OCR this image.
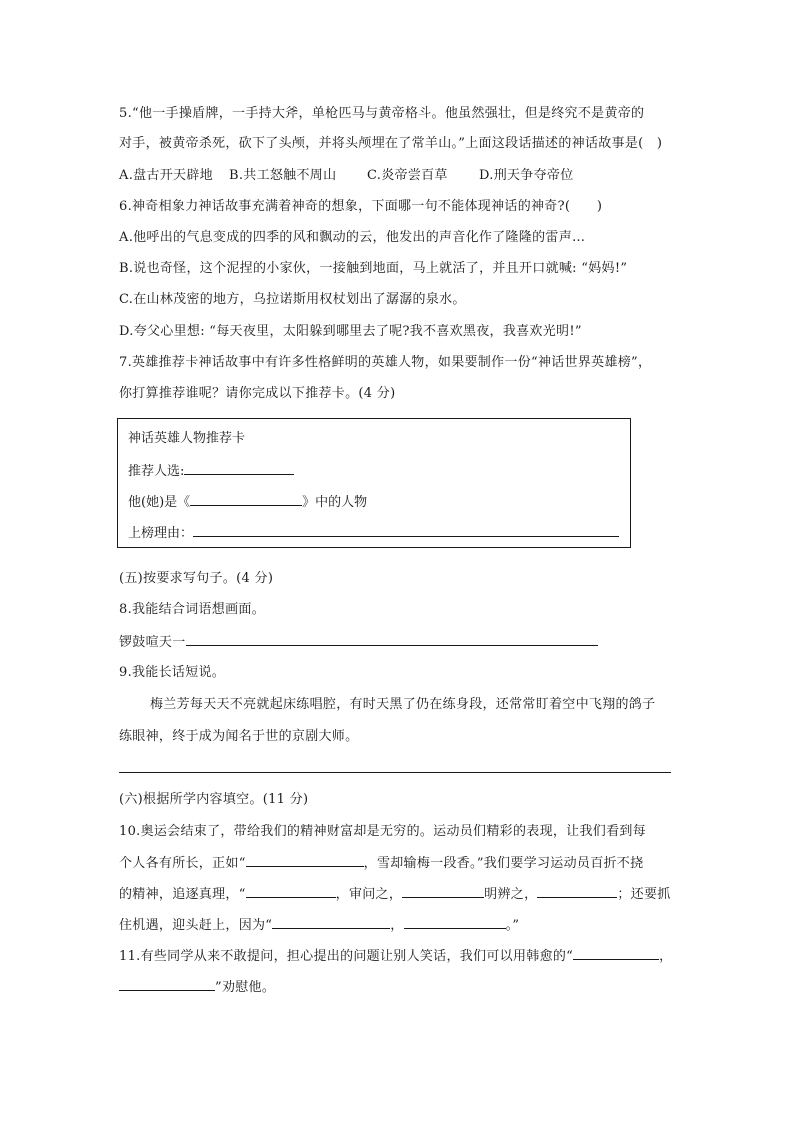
5.“他一手操盾牌，一手持大斧，单枪匹马与黄帝格斗。他虽然强壮，但是终究不是黄帝的
对手，被黄帝杀死，砍下了头颅，并将头颅埋在了常羊山。”上面这段话描述的神话故事是(　)
A.盘古开天辟地 B.共工怒触不周山 C.炎帝尝百草 D.刑天争夺帝位
6.神奇相象力神话故事充满着神奇的想象，下面哪一句不能体现神话的神奇?(　　)
A.他呼出的气息变成的四季的风和飘动的云，他发出的声音化作了隆隆的雷声…
B.说也奇怪，这个泥捏的小家伙，一接触到地面，马上就活了，并且开口就喊: “妈妈!”
C.在山林茂密的地方，乌拉诺斯用权杖划出了潺潺的泉水。
D.夸父心里想: “每天夜里，太阳躲到哪里去了呢?我不喜欢黑夜，我喜欢光明!”
7.英雄推荐卡神话故事中有许多性格鲜明的英雄人物，如果要制作一份“神话世界英雄榜”，
你打算推荐谁呢？请你完成以下推荐卡。(4 分)
神话英雄人物推荐卡
推荐人选:
他(她)是《	》中的人物
上榜理由：
(五)按要求写句子。(4 分)
8.我能结合词语想画面。
锣鼓喧天一
9.我能长话短说。
梅兰芳每天天不亮就起床练唱腔，有时天黑了仍在练身段，还常常盯着空中飞翔的鸽子
练眼神，终于成为闻名于世的京剧大师。
(六)根据所学内容填空。(11 分)
10.奥运会结束了，带给我们的精神财富却是无穷的。运动员们精彩的表现，让我们看到每
个人各有所长，正如“	，雪却输梅一段香。”我们要学习运动员百折不挠
的精神，追逐真理，“	，审问之，	明辨之，	；还要抓
住机遇，迎头赶上，因为“	，	。”
11.有些同学从来不敢提问，担心提出的问题让别人笑话，我们可以用韩愈的“	，
”劝慰他。
